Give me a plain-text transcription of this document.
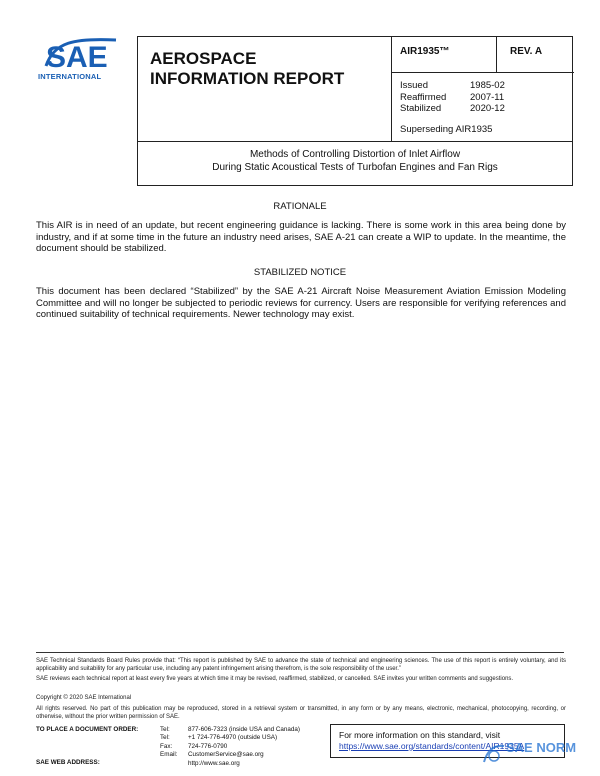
SAE
INTERNATIONAL
AEROSPACE
INFORMATION REPORT
AIR1935™	REV. A
Issued	1985-02
Reaffirmed	2007-11
Stabilized	2020-12
Superseding AIR1935
Methods of Controlling Distortion of Inlet Airflow
During Static Acoustical Tests of Turbofan Engines and Fan Rigs
RATIONALE
This AIR is in need of an update, but recent engineering guidance is lacking. There is some work in this area being done by industry, and if at some time in the future an industry need arises, SAE A-21 can create a WIP to update. In the meantime, the document should be stabilized.
STABILIZED NOTICE
This document has been declared “Stabilized” by the SAE A-21 Aircraft Noise Measurement Aviation Emission Modeling Committee and will no longer be subjected to periodic reviews for currency. Users are responsible for verifying references and continued suitability of technical requirements. Newer technology may exist.
SAE Technical Standards Board Rules provide that: “This report is published by SAE to advance the state of technical and engineering sciences. The use of this report is entirely voluntary, and its applicability and suitability for any particular use, including any patent infringement arising therefrom, is the sole responsibility of the user.”
SAE reviews each technical report at least every five years at which time it may be revised, reaffirmed, stabilized, or cancelled. SAE invites your written comments and suggestions.
Copyright © 2020 SAE International
All rights reserved. No part of this publication may be reproduced, stored in a retrieval system or transmitted, in any form or by any means, electronic, mechanical, photocopying, recording, or otherwise, without the prior written permission of SAE.
TO PLACE A DOCUMENT ORDER:
SAE WEB ADDRESS:
Tel:	877-606-7323 (inside USA and Canada)
Tel:	+1 724-776-4970 (outside USA)
Fax:	724-776-0790
Email: CustomerService@sae.org
http://www.sae.org
For more information on this standard, visit
https://www.sae.org/standards/content/AIR1935A
SAE NORM
